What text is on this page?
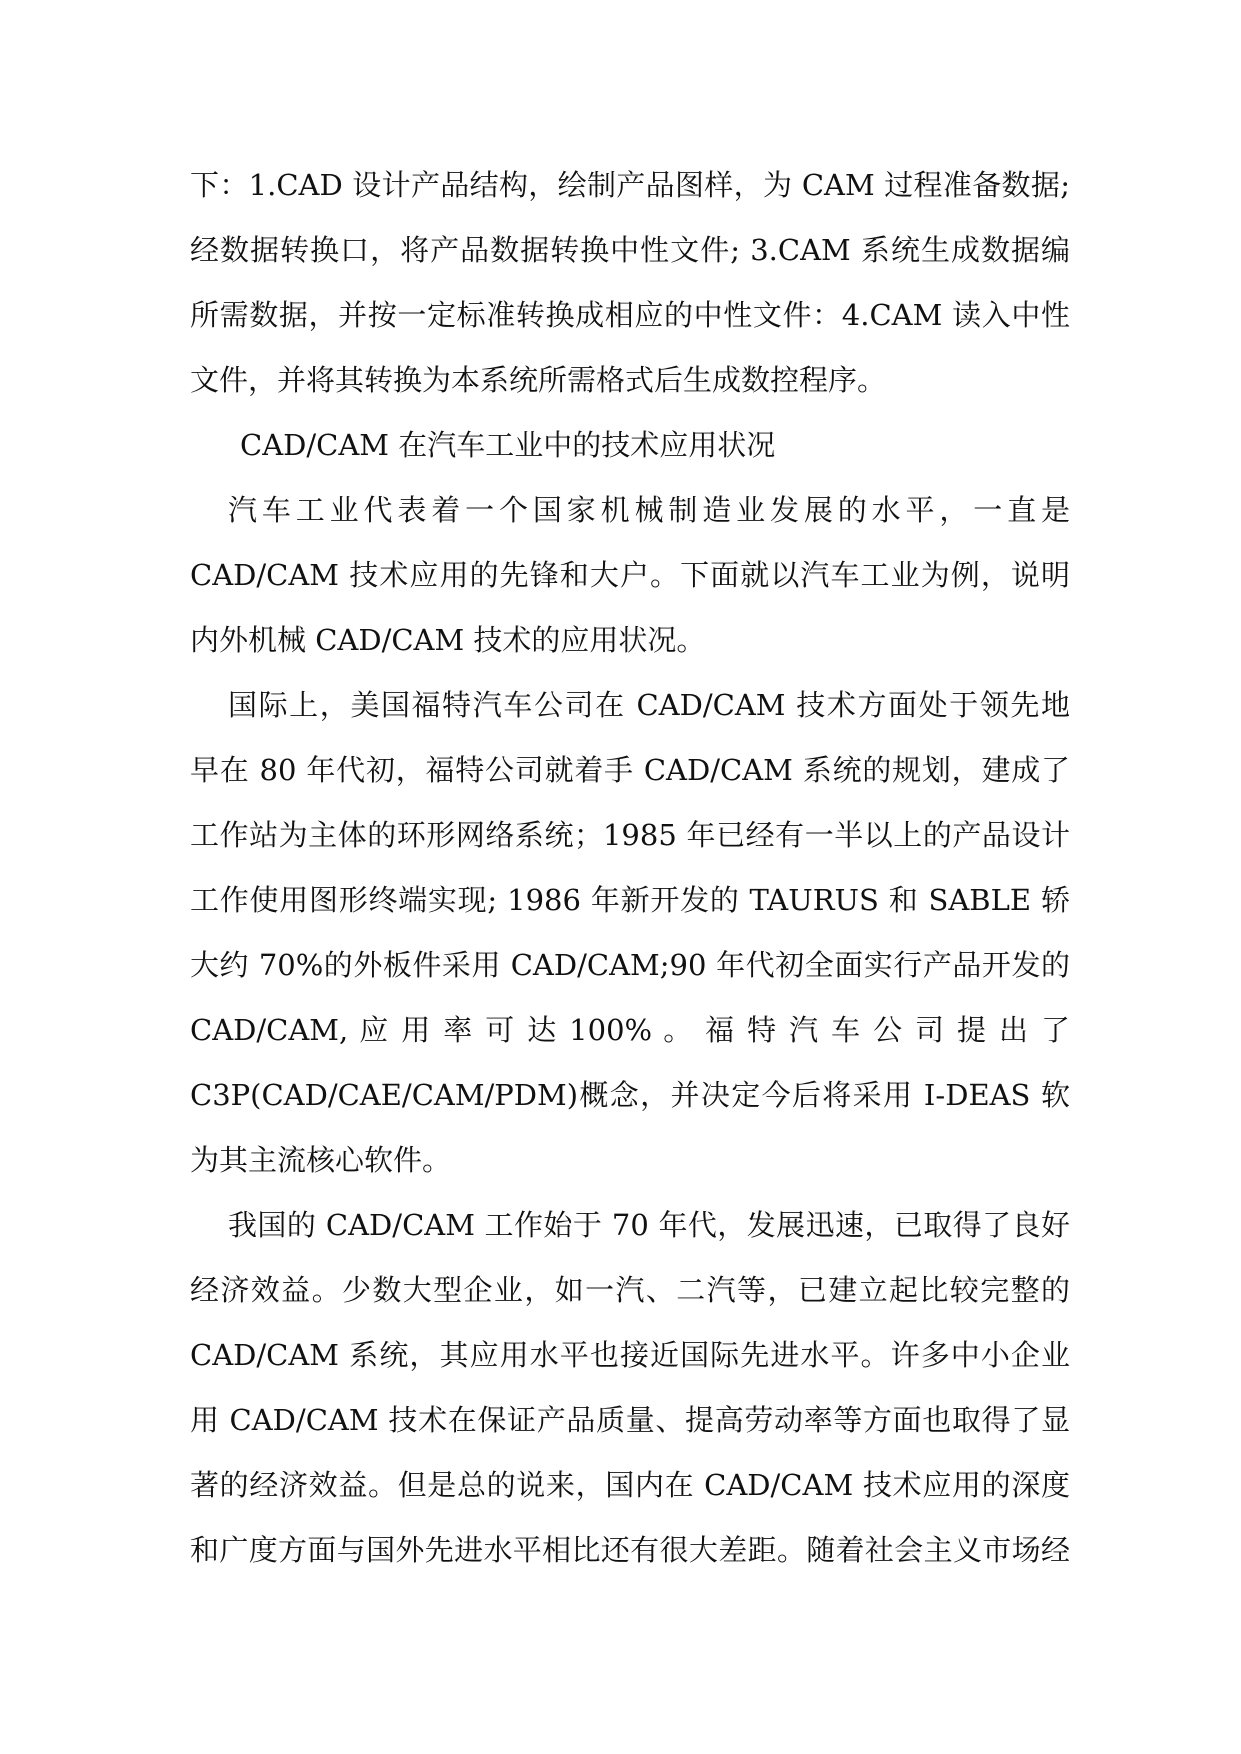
下：1.CAD 设计产品结构，绘制产品图样，为 CAM 过程准备数据;
经数据转换口，将产品数据转换中性文件; 3.CAM 系统生成数据编
所需数据，并按一定标准转换成相应的中性文件：4.CAM 读入中性
文件，并将其转换为本系统所需格式后生成数控程序。
CAD/CAM 在汽车工业中的技术应用状况
汽车工业代表着一个国家机械制造业发展的水平，一直是
CAD/CAM 技术应用的先锋和大户。下面就以汽车工业为例，说明
内外机械 CAD/CAM 技术的应用状况。
国际上，美国福特汽车公司在 CAD/CAM 技术方面处于领先地
早在 80 年代初，福特公司就着手 CAD/CAM 系统的规划，建成了
工作站为主体的环形网络系统；1985 年已经有一半以上的产品设计
工作使用图形终端实现; 1986 年新开发的 TAURUS 和 SABLE 轿
大约 70%的外板件采用 CAD/CAM;90 年代初全面实行产品开发的
CAD/CAM, 应 用 率 可 达 100% 。 福 特 汽 车 公 司 提 出 了
C3P(CAD/CAE/CAM/PDM)概念，并决定今后将采用 I-DEAS 软
为其主流核心软件。
我国的 CAD/CAM 工作始于 70 年代，发展迅速，已取得了良好
经济效益。少数大型企业，如一汽、二汽等，已建立起比较完整的
CAD/CAM 系统，其应用水平也接近国际先进水平。许多中小企业
用 CAD/CAM 技术在保证产品质量、提高劳动率等方面也取得了显
著的经济效益。但是总的说来，国内在 CAD/CAM 技术应用的深度
和广度方面与国外先进水平相比还有很大差距。随着社会主义市场经
